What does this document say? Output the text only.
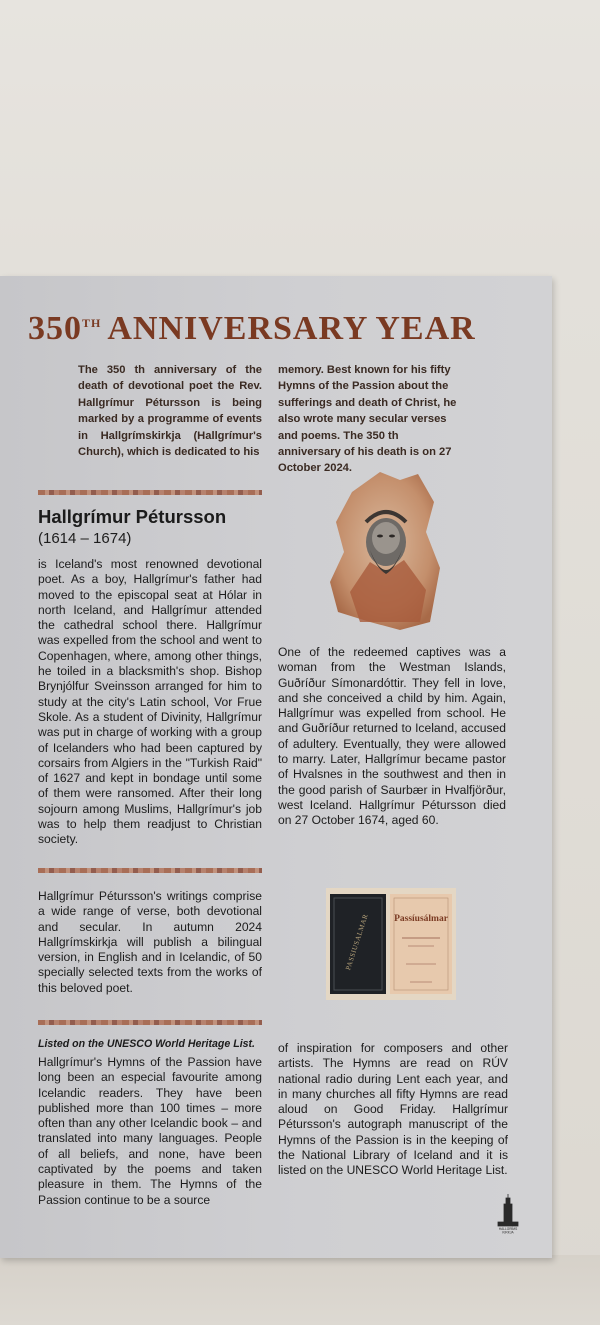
350TH ANNIVERSARY YEAR
The 350 th anniversary of the death of devotional poet the Rev. Hallgrímur Pétursson is being marked by a programme of events in Hallgrímskirkja (Hallgrímur's Church), which is dedicated to his
memory. Best known for his fifty Hymns of the Passion about the sufferings and death of Christ, he also wrote many secular verses and poems. The 350 th anniversary of his death is on 27 October 2024.
Hallgrímur Pétursson
(1614 – 1674)
is Iceland's most renowned devotional poet. As a boy, Hallgrímur's father had moved to the episcopal seat at Hólar in north Iceland, and Hallgrímur attended the cathedral school there. Hallgrímur was expelled from the school and went to Copenhagen, where, among other things, he toiled in a blacksmith's shop. Bishop Brynjólfur Sveinsson arranged for him to study at the city's Latin school, Vor Frue Skole. As a student of Divinity, Hallgrímur was put in charge of working with a group of Icelanders who had been captured by corsairs from Algiers in the "Turkish Raid" of 1627 and kept in bondage until some of them were ransomed. After their long sojourn among Muslims, Hallgrímur's job was to help them readjust to Christian society.
One of the redeemed captives was a woman from the Westman Islands, Guðríður Símonardóttir. They fell in love, and she conceived a child by him. Again, Hallgrímur was expelled from school. He and Guðríður returned to Iceland, accused of adultery. Eventually, they were allowed to marry. Later, Hallgrímur became pastor of Hvalsnes in the southwest and then in the good parish of Saurbær in Hvalfjörður, west Iceland. Hallgrímur Pétursson died on 27 October 1674, aged 60.
Hallgrímur Pétursson's writings comprise a wide range of verse, both devotional and secular. In autumn 2024 Hallgrímskirkja will publish a bilingual version, in English and in Icelandic, of 50 specially selected texts from the works of this beloved poet.
PASSIUSALMAR	Passíusálmar
Listed on the UNESCO World Heritage List.
Hallgrímur's Hymns of the Passion have long been an especial favourite among Icelandic readers. They have been published more than 100 times – more often than any other Icelandic book – and translated into many languages. People of all beliefs, and none, have been captivated by the poems and taken pleasure in them. The Hymns of the Passion continue to be a source
of inspiration for composers and other artists. The Hymns are read on RÚV national radio during Lent each year, and in many churches all fifty Hymns are read aloud on Good Friday. Hallgrímur Pétursson's autograph manuscript of the Hymns of the Passion is in the keeping of the National Library of Iceland and it is listed on the UNESCO World Heritage List.
HALLGRÍMS
KIRKJA
